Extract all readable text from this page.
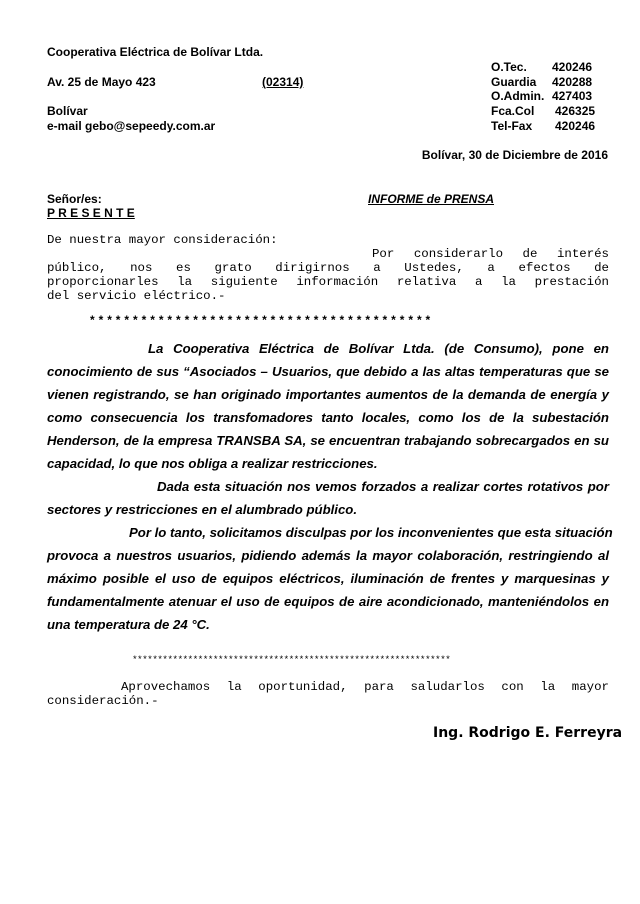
Cooperativa Eléctrica de Bolívar Ltda.
Av. 25 de Mayo 423	(02314)
Bolívar
e-mail gebo@sepeedy.com.ar
O.Tec. 420246
Guardia 420288
O.Admin. 427403
Fca.Col 426325
Tel-Fax 420246
Bolívar, 30 de Diciembre de 2016
Señor/es:
P R E S E N T E
INFORME de PRENSA
De nuestra mayor consideración:
Por considerarlo de interés
público, nos es grato dirigirnos a Ustedes, a efectos de
proporcionarles la siguiente información relativa a la prestación
del servicio eléctrico.-
* * * * * * * * * * * * * * * * * * * * * * * * * * * * * * * * * * * * * * * *
La Cooperativa Eléctrica de Bolívar Ltda. (de Consumo), pone en
conocimiento de sus “Asociados – Usuarios, que debido a las altas temperaturas que se
vienen registrando, se han originado importantes aumentos de la demanda de energía y
como consecuencia los transfomadores tanto locales, como los de la subestación
Henderson, de la empresa TRANSBA SA, se encuentran trabajando sobrecargados en su
capacidad, lo que nos obliga a realizar restricciones.
Dada esta situación nos vemos forzados a realizar cortes rotativos por
sectores y restricciones en el alumbrado público.
Por lo tanto, solicitamos disculpas por los inconvenientes que esta situación
provoca a nuestros usuarios, pidiendo además la mayor colaboración, restringiendo al
máximo posible el uso de equipos eléctricos, iluminación de frentes y marquesinas y
fundamentalmente atenuar el uso de equipos de aire acondicionado, manteniéndolos en
una temperatura de 24 °C.
***************************************************************
Aprovechamos la oportunidad, para saludarlos con la mayor
consideración.-
Ing. Rodrigo E. Ferreyra
